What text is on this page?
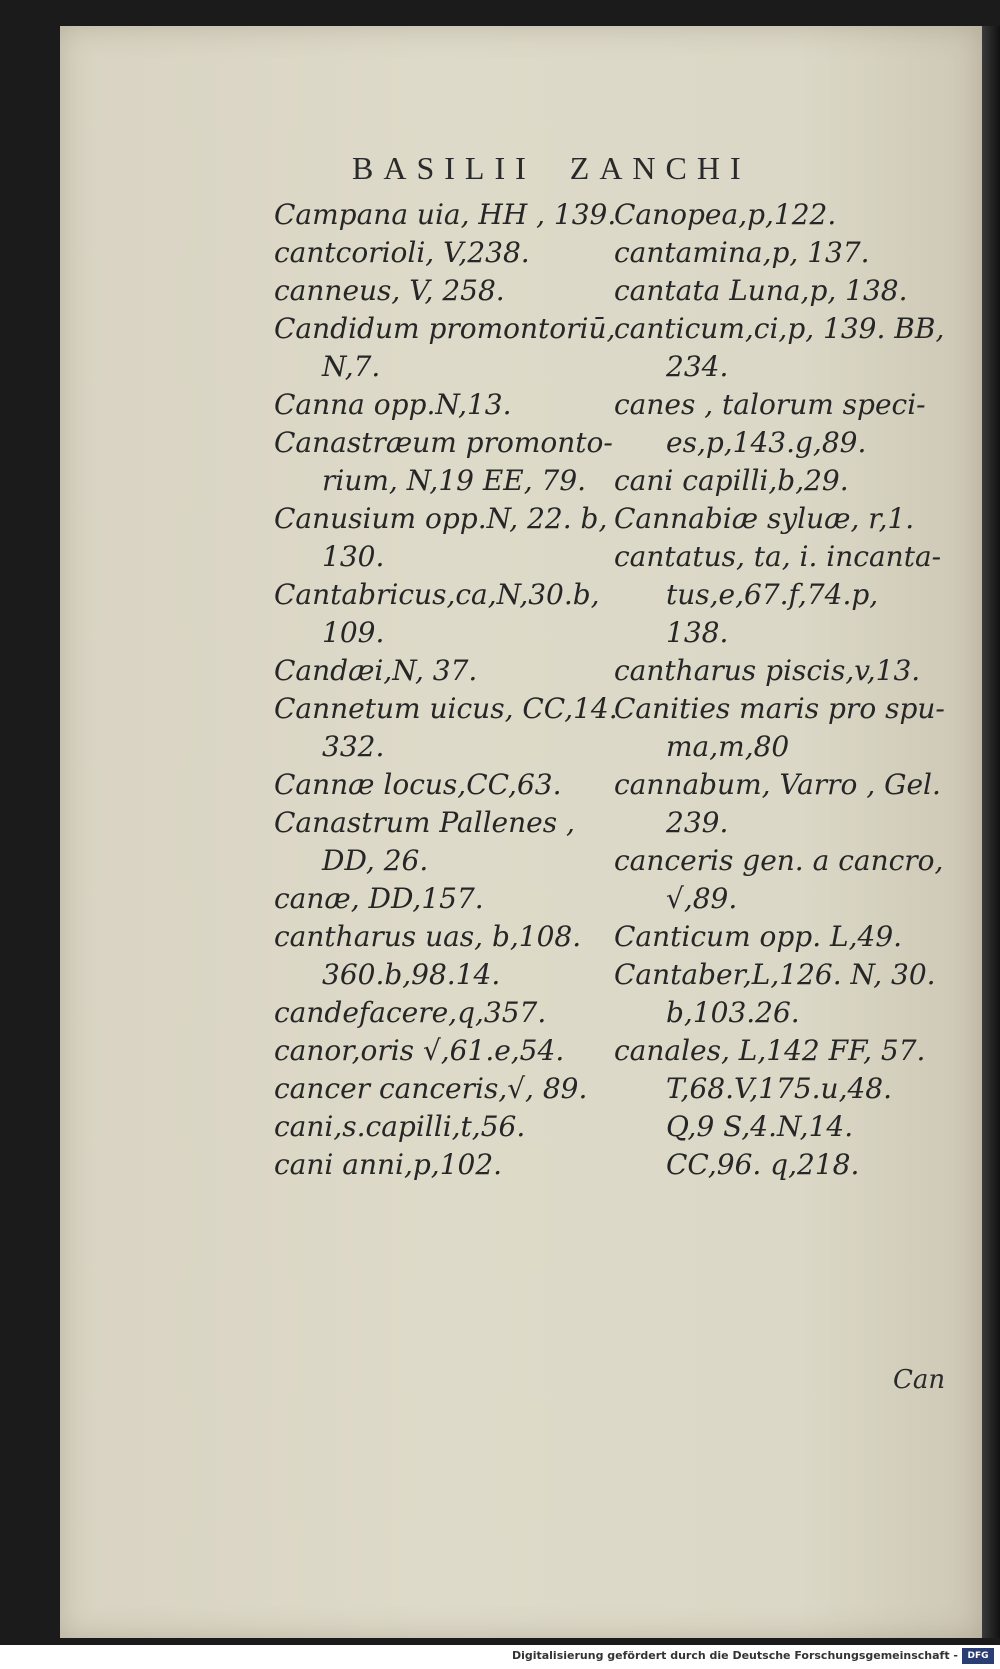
BASILII ZANCHI
Campana uia, HH , 139.
cantcorioli, V,238.
canneus, V, 258.
Candidum promontoriū,
N,7.
Canna opp.N,13.
Canastræum promonto-
rium, N,19 EE, 79.
Canusium opp.N, 22. b,
130.
Cantabricus,ca,N,30.b,
109.
Candæi,N, 37.
Cannetum uicus, CC,14.
332.
Cannæ locus,CC,63.
Canastrum Pallenes ,
DD, 26.
canæ, DD,157.
cantharus uas, b,108.
360.b,98.14.
candefacere,q,357.
canor,oris √,61.e,54.
cancer canceris,√, 89.
cani,s.capilli,t,56.
cani anni,p,102.
Canopea,p,122.
cantamina,p, 137.
cantata Luna,p, 138.
canticum,ci,p, 139. BB,
234.
canes , talorum speci-
es,p,143.g,89.
cani capilli,b,29.
Cannabiæ syluæ, r,1.
cantatus, ta, i. incanta-
tus,e,67.f,74.p,
138.
cantharus piscis,v,13.
Canities maris pro spu-
ma,m,80
cannabum, Varro , Gel.
239.
canceris gen. a cancro,
√,89.
Canticum opp. L,49.
Cantaber,L,126. N, 30.
b,103.26.
canales, L,142 FF, 57.
T,68.V,175.u,48.
Q,9 S,4.N,14.
CC,96. q,218.
Can
Digitalisierung gefördert durch die Deutsche Forschungsgemeinschaft -	DFG
